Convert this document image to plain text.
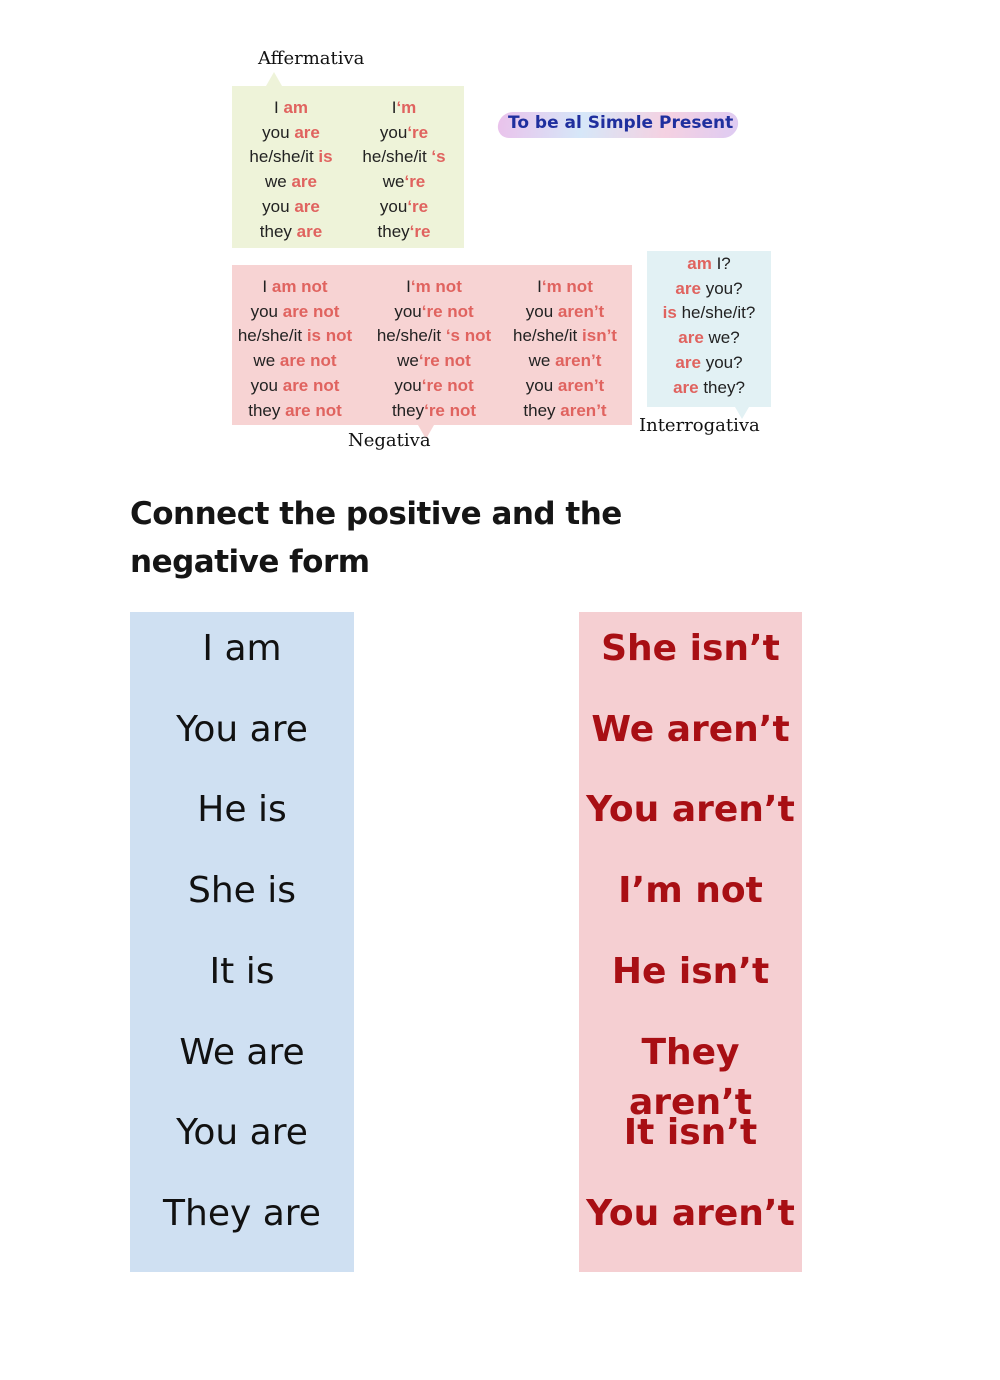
Affermativa
I am
you are
he/she/it is
we are
you are
they are
I‘m
you‘re
he/she/it ‘s
we‘re
you‘re
they‘re
To be al Simple Present
I am not
you are not
he/she/it is not
we are not
you are not
they are not
I‘m not
you‘re not
he/she/it ‘s not
we‘re not
you‘re not
they‘re not
I‘m not
you aren’t
he/she/it isn’t
we aren’t
you aren’t
they aren’t
Negativa
am I?
are you?
is he/she/it?
are we?
are you?
are they?
Interrogativa
Connect the positive and the
negative form
I am
You are
He is
She is
It is
We are
You are
They are
She isn’t
We aren’t
You aren’t
I’m not
He isn’t
They aren’t
It isn’t
You aren’t
